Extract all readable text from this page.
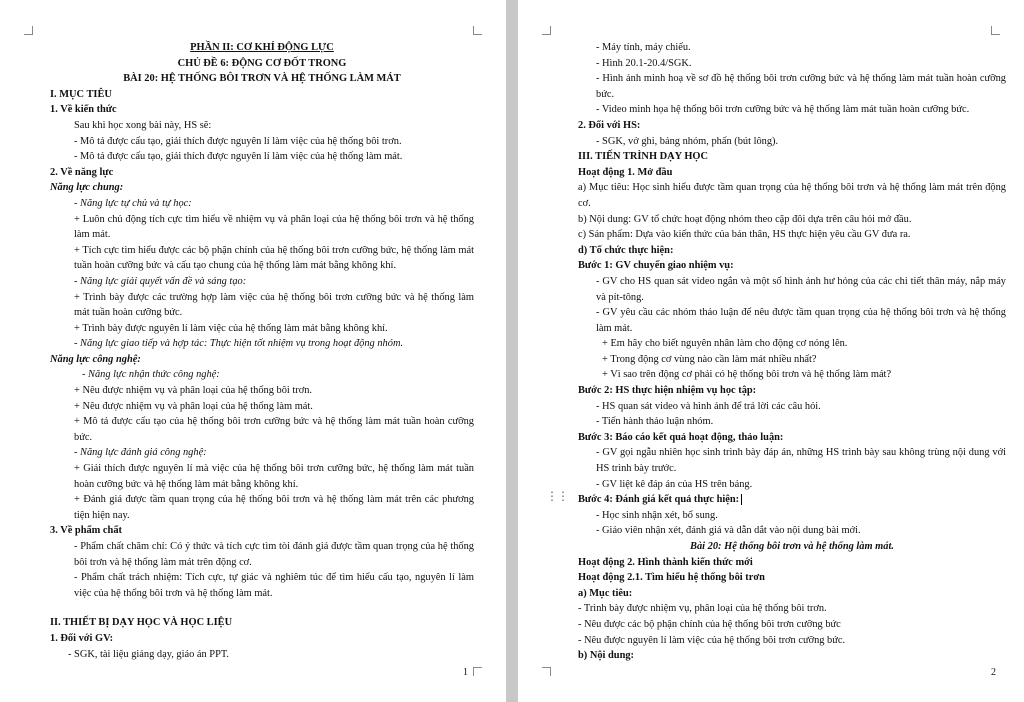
PHẦN II: CƠ KHÍ ĐỘNG LỰC

CHỦ ĐỀ 6: ĐỘNG CƠ ĐỐT TRONG

BÀI 20: HỆ THỐNG BÔI TRƠN VÀ HỆ THỐNG LÀM MÁT

I. MỤC TIÊU

1. Về kiến thức

Sau khi học xong bài này, HS sẽ:

- Mô tả được cấu tạo, giải thích được nguyên lí làm việc của hệ thống bôi trơn.

- Mô tả được cấu tạo, giải thích được nguyên lí làm việc của hệ thống làm mát.

2. Về năng lực

Năng lực chung:

- Năng lực tự chủ và tự học:

+ Luôn chủ động tích cực tìm hiểu về nhiệm vụ và phân loại của hệ thống bôi trơn và hệ thống làm mát.

+ Tích cực tìm hiểu được các bộ phận chính của hệ thống bôi trơn cưỡng bức, hệ thống làm mát tuần hoàn cưỡng bức và cấu tạo chung của hệ thống làm mát bằng không khí.

- Năng lực giải quyết vấn đề và sáng tạo:

+ Trình bày được các trường hợp làm việc của hệ thống bôi trơn cưỡng bức và hệ thống làm mát tuần hoàn cưỡng bức.

+ Trình bày được nguyên lí làm việc của hệ thống làm mát bằng không khí.

- Năng lực giao tiếp và hợp tác: Thực hiện tốt nhiệm vụ trong hoạt động nhóm.

Năng lực công nghệ:

- Năng lực nhận thức công nghệ:

+ Nêu được nhiệm vụ và phân loại của hệ thống bôi trơn.

+ Nêu được nhiệm vụ và phân loại của hệ thống làm mát.

+ Mô tả được cấu tạo của hệ thống bôi trơn cưỡng bức và hệ thống làm mát tuần hoàn cưỡng bức.

- Năng lực đánh giá công nghệ:

+ Giải thích được nguyên lí mà việc của hệ thống bôi trơn cưỡng bức, hệ thống làm mát tuần hoàn cưỡng bức và hệ thống làm mát bằng không khí.

+ Đánh giá được tầm quan trọng của hệ thống bôi trơn và hệ thống làm mát trên các phương tiện hiện nay.

3. Về phẩm chất

- Phẩm chất chăm chỉ: Có ý thức và tích cực tìm tòi đánh giá được tầm quan trọng của hệ thống bôi trơn và hệ thống làm mát trên động cơ.

- Phẩm chất trách nhiệm: Tích cực, tự giác và nghiêm túc để tìm hiểu cấu tạo, nguyên lí làm việc của hệ thống bôi trơn và hệ thống làm mát.

II. THIẾT BỊ DẠY HỌC VÀ HỌC LIỆU

1. Đối với GV:

- SGK, tài liệu giảng dạy, giáo án PPT.

1

- Máy tính, máy chiếu.

- Hình 20.1-20.4/SGK.

- Hình ảnh minh hoạ về sơ đồ hệ thống bôi trơn cưỡng bức và hệ thống làm mát tuần hoàn cưỡng bức.

- Video minh họa hệ thống bôi trơn cưỡng bức và hệ thống làm mát tuần hoàn cưỡng bức.

2. Đối với HS:

- SGK, vở ghi, bảng nhóm, phấn (bút lông).

III. TIẾN TRÌNH DẠY HỌC

Hoạt động 1. Mở đầu

a) Mục tiêu: Học sinh hiểu được tầm quan trọng của hệ thống bôi trơn và hệ thống làm mát trên động cơ.

b) Nội dung: GV tổ chức hoạt động nhóm theo cặp đôi dựa trên câu hỏi mở đầu.

c) Sản phẩm: Dựa vào kiến thức của bản thân, HS thực hiện yêu cầu GV đưa ra.

d) Tổ chức thực hiện:

Bước 1: GV chuyển giao nhiệm vụ:

- GV cho HS quan sát video ngắn và một số hình ảnh hư hỏng của các chi tiết thân máy, nắp máy và pít-tông.

- GV yêu cầu các nhóm thảo luận để nêu được tầm quan trọng của hệ thống bôi trơn và hệ thống làm mát.

+ Em hãy cho biết nguyên nhân làm cho động cơ nóng lên.

+ Trong động cơ vùng nào cần làm mát nhiều nhất?

+ Vì sao trên động cơ phải có hệ thống bôi trơn và hệ thống làm mát?

Bước 2: HS thực hiện nhiệm vụ học tập:

- HS quan sát video và hình ảnh để trả lời các câu hỏi.

- Tiến hành thảo luận nhóm.

Bước 3: Báo cáo kết quả hoạt động, thảo luận:

- GV gọi ngẫu nhiên học sinh trình bày đáp án, những HS trình bày sau không trùng nội dung với HS trình bày trước.

- GV liệt kê đáp án của HS trên bảng.

Bước 4: Đánh giá kết quả thực hiện:

- Học sinh nhận xét, bổ sung.

- Giáo viên nhận xét, đánh giá và dẫn dắt vào nội dung bài mới.

Bài 20: Hệ thống bôi trơn và hệ thống làm mát.

Hoạt động 2. Hình thành kiến thức mới

Hoạt động 2.1. Tìm hiểu hệ thống bôi trơn

a) Mục tiêu:

- Trình bày được nhiệm vụ, phân loại của hệ thống bôi trơn.

- Nêu được các bộ phận chính của hệ thống bôi trơn cưỡng bức

- Nêu được nguyên lí làm việc của hệ thống bôi trơn cưỡng bức.

b) Nội dung:

2
⋮⋮
